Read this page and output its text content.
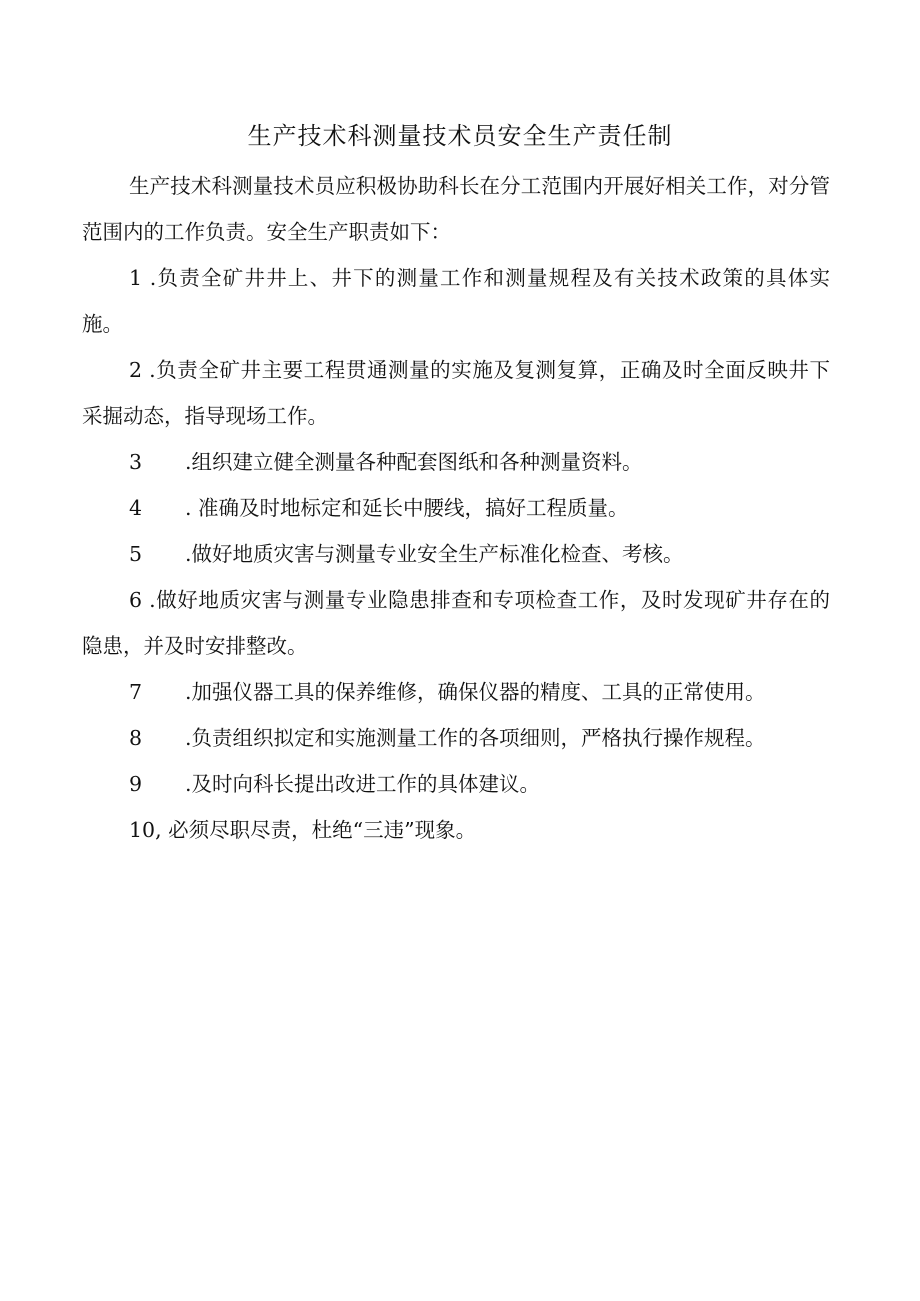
生产技术科测量技术员安全生产责任制

生产技术科测量技术员应积极协助科长在分工范围内开展好相关工作，对分管范围内的工作负责。安全生产职责如下：

1 .负责全矿井井上、井下的测量工作和测量规程及有关技术政策的具体实施。

2 .负责全矿井主要工程贯通测量的实施及复测复算，正确及时全面反映井下采掘动态，指导现场工作。

3 .组织建立健全测量各种配套图纸和各种测量资料。
4 . 准确及时地标定和延长中腰线，搞好工程质量。
5 .做好地质灾害与测量专业安全生产标准化检查、考核。

6 .做好地质灾害与测量专业隐患排查和专项检查工作，及时发现矿井存在的隐患，并及时安排整改。

7 .加强仪器工具的保养维修，确保仪器的精度、工具的正常使用。
8 .负责组织拟定和实施测量工作的各项细则，严格执行操作规程。
9 .及时向科长提出改进工作的具体建议。

10, 必须尽职尽责，杜绝“三违”现象。
